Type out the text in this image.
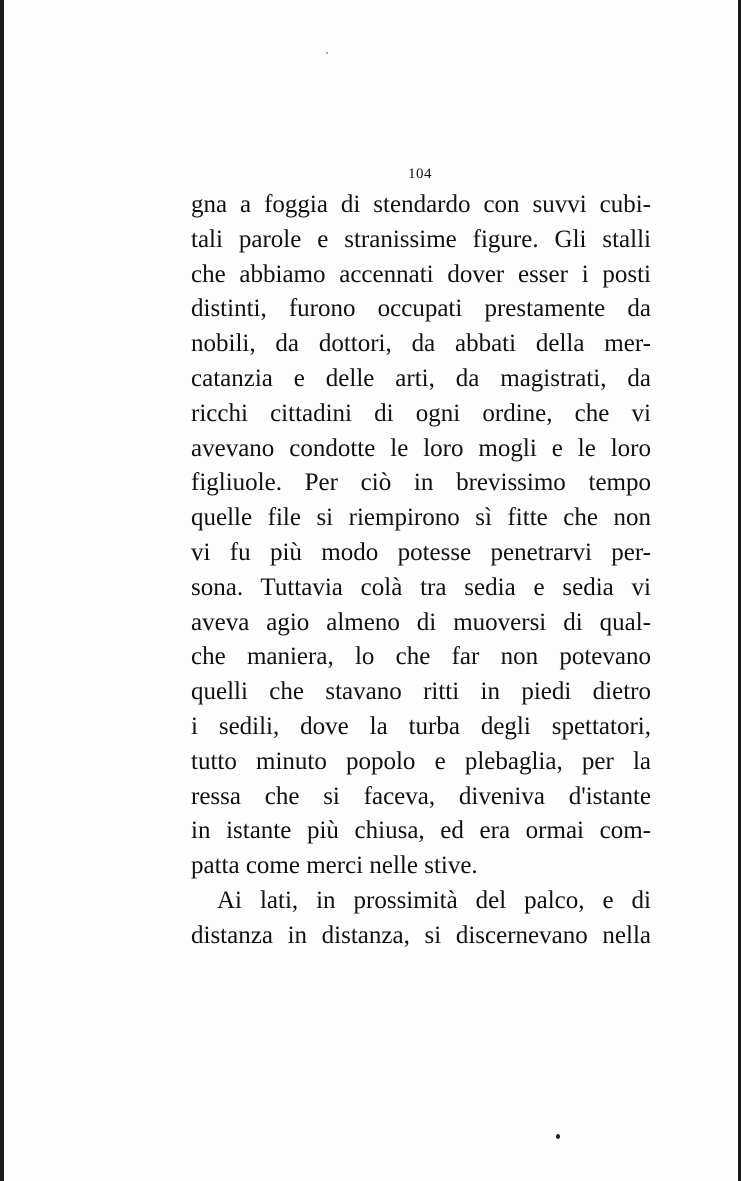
104
gna a foggia di stendardo con suvvi cubi-
tali parole e stranissime figure. Gli stalli
che abbiamo accennati dover esser i posti
distinti, furono occupati prestamente da
nobili, da dottori, da abbati della mer-
catanzia e delle arti, da magistrati, da
ricchi cittadini di ogni ordine, che vi
avevano condotte le loro mogli e le loro
figliuole. Per ciò in brevissimo tempo
quelle file si riempirono sì fitte che non
vi fu più modo potesse penetrarvi per-
sona. Tuttavia colà tra sedia e sedia vi
aveva agio almeno di muoversi di qual-
che maniera, lo che far non potevano
quelli che stavano ritti in piedi dietro
i sedili, dove la turba degli spettatori,
tutto minuto popolo e plebaglia, per la
ressa che si faceva, diveniva d'istante
in istante più chiusa, ed era ormai com-
patta come merci nelle stive.
Ai lati, in prossimità del palco, e di
distanza in distanza, si discernevano nella
